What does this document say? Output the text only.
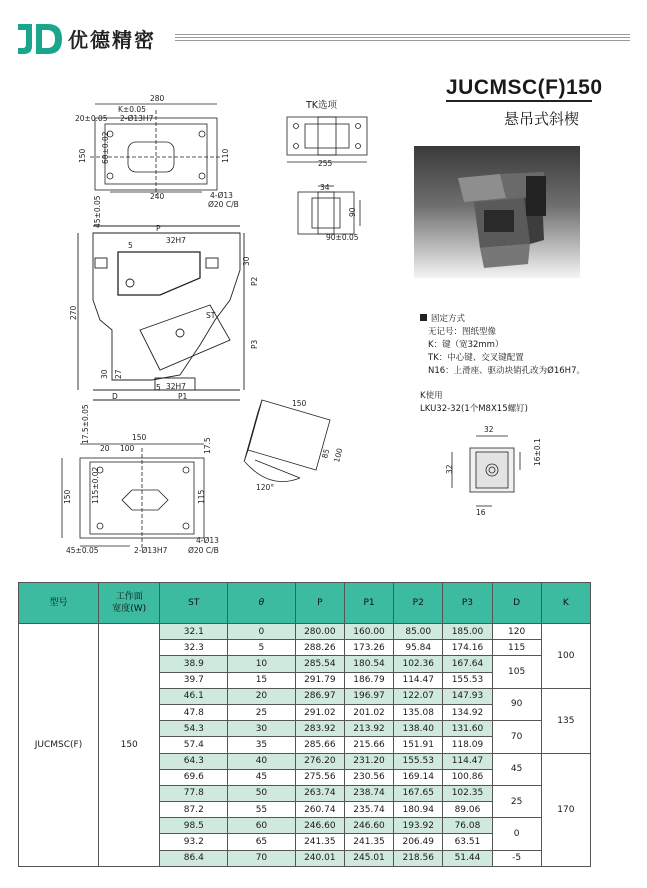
优德精密
JUCMSC(F)150
悬吊式斜楔
TK选项
280
K±0.05
20±0.05 2-Ø13H7
150 60±0.02	110
240
45±0.05	4-Ø13
Ø20 C/B
255
34
90
90±0.05
P
32H7
5
30
P2
270	ST
P3
30 27
5 32H7
D	P1
17.5±0.05	150
20 100	17.5
150	115±0.02	115
4-Ø13
45±0.05	2-Ø13H7	Ø20 C/B
150
85 100
120°
32
16±0.1
32
16
固定方式
无记号：图纸型像
K：键（宽32mm）
TK：中心键、交叉键配置
N16：上滑座、驱动块销孔改为Ø16H7。
K使用
LKU32-32(1个M8X15螺钉)
型号	工作面
宽度(W)	ST	θ	P	P1	P2	P3	D	K
JUCMSC(F)	150	32.1	0	280.00	160.00	85.00	185.00	120	100
		32.3	5	288.26	173.26	95.84	174.16	115	
		38.9	10	285.54	180.54	102.36	167.64	105	
		39.7	15	291.79	186.79	114.47	155.53		
		46.1	20	286.97	196.97	122.07	147.93	90	135
		47.8	25	291.02	201.02	135.08	134.92		
		54.3	30	283.92	213.92	138.40	131.60	70	
		57.4	35	285.66	215.66	151.91	118.09		
		64.3	40	276.20	231.20	155.53	114.47	45	170
		69.6	45	275.56	230.56	169.14	100.86		
		77.8	50	263.74	238.74	167.65	102.35	25	
		87.2	55	260.74	235.74	180.94	89.06		
		98.5	60	246.60	246.60	193.92	76.08	0	
		93.2	65	241.35	241.35	206.49	63.51		
		86.4	70	240.01	245.01	218.56	51.44	-5	
